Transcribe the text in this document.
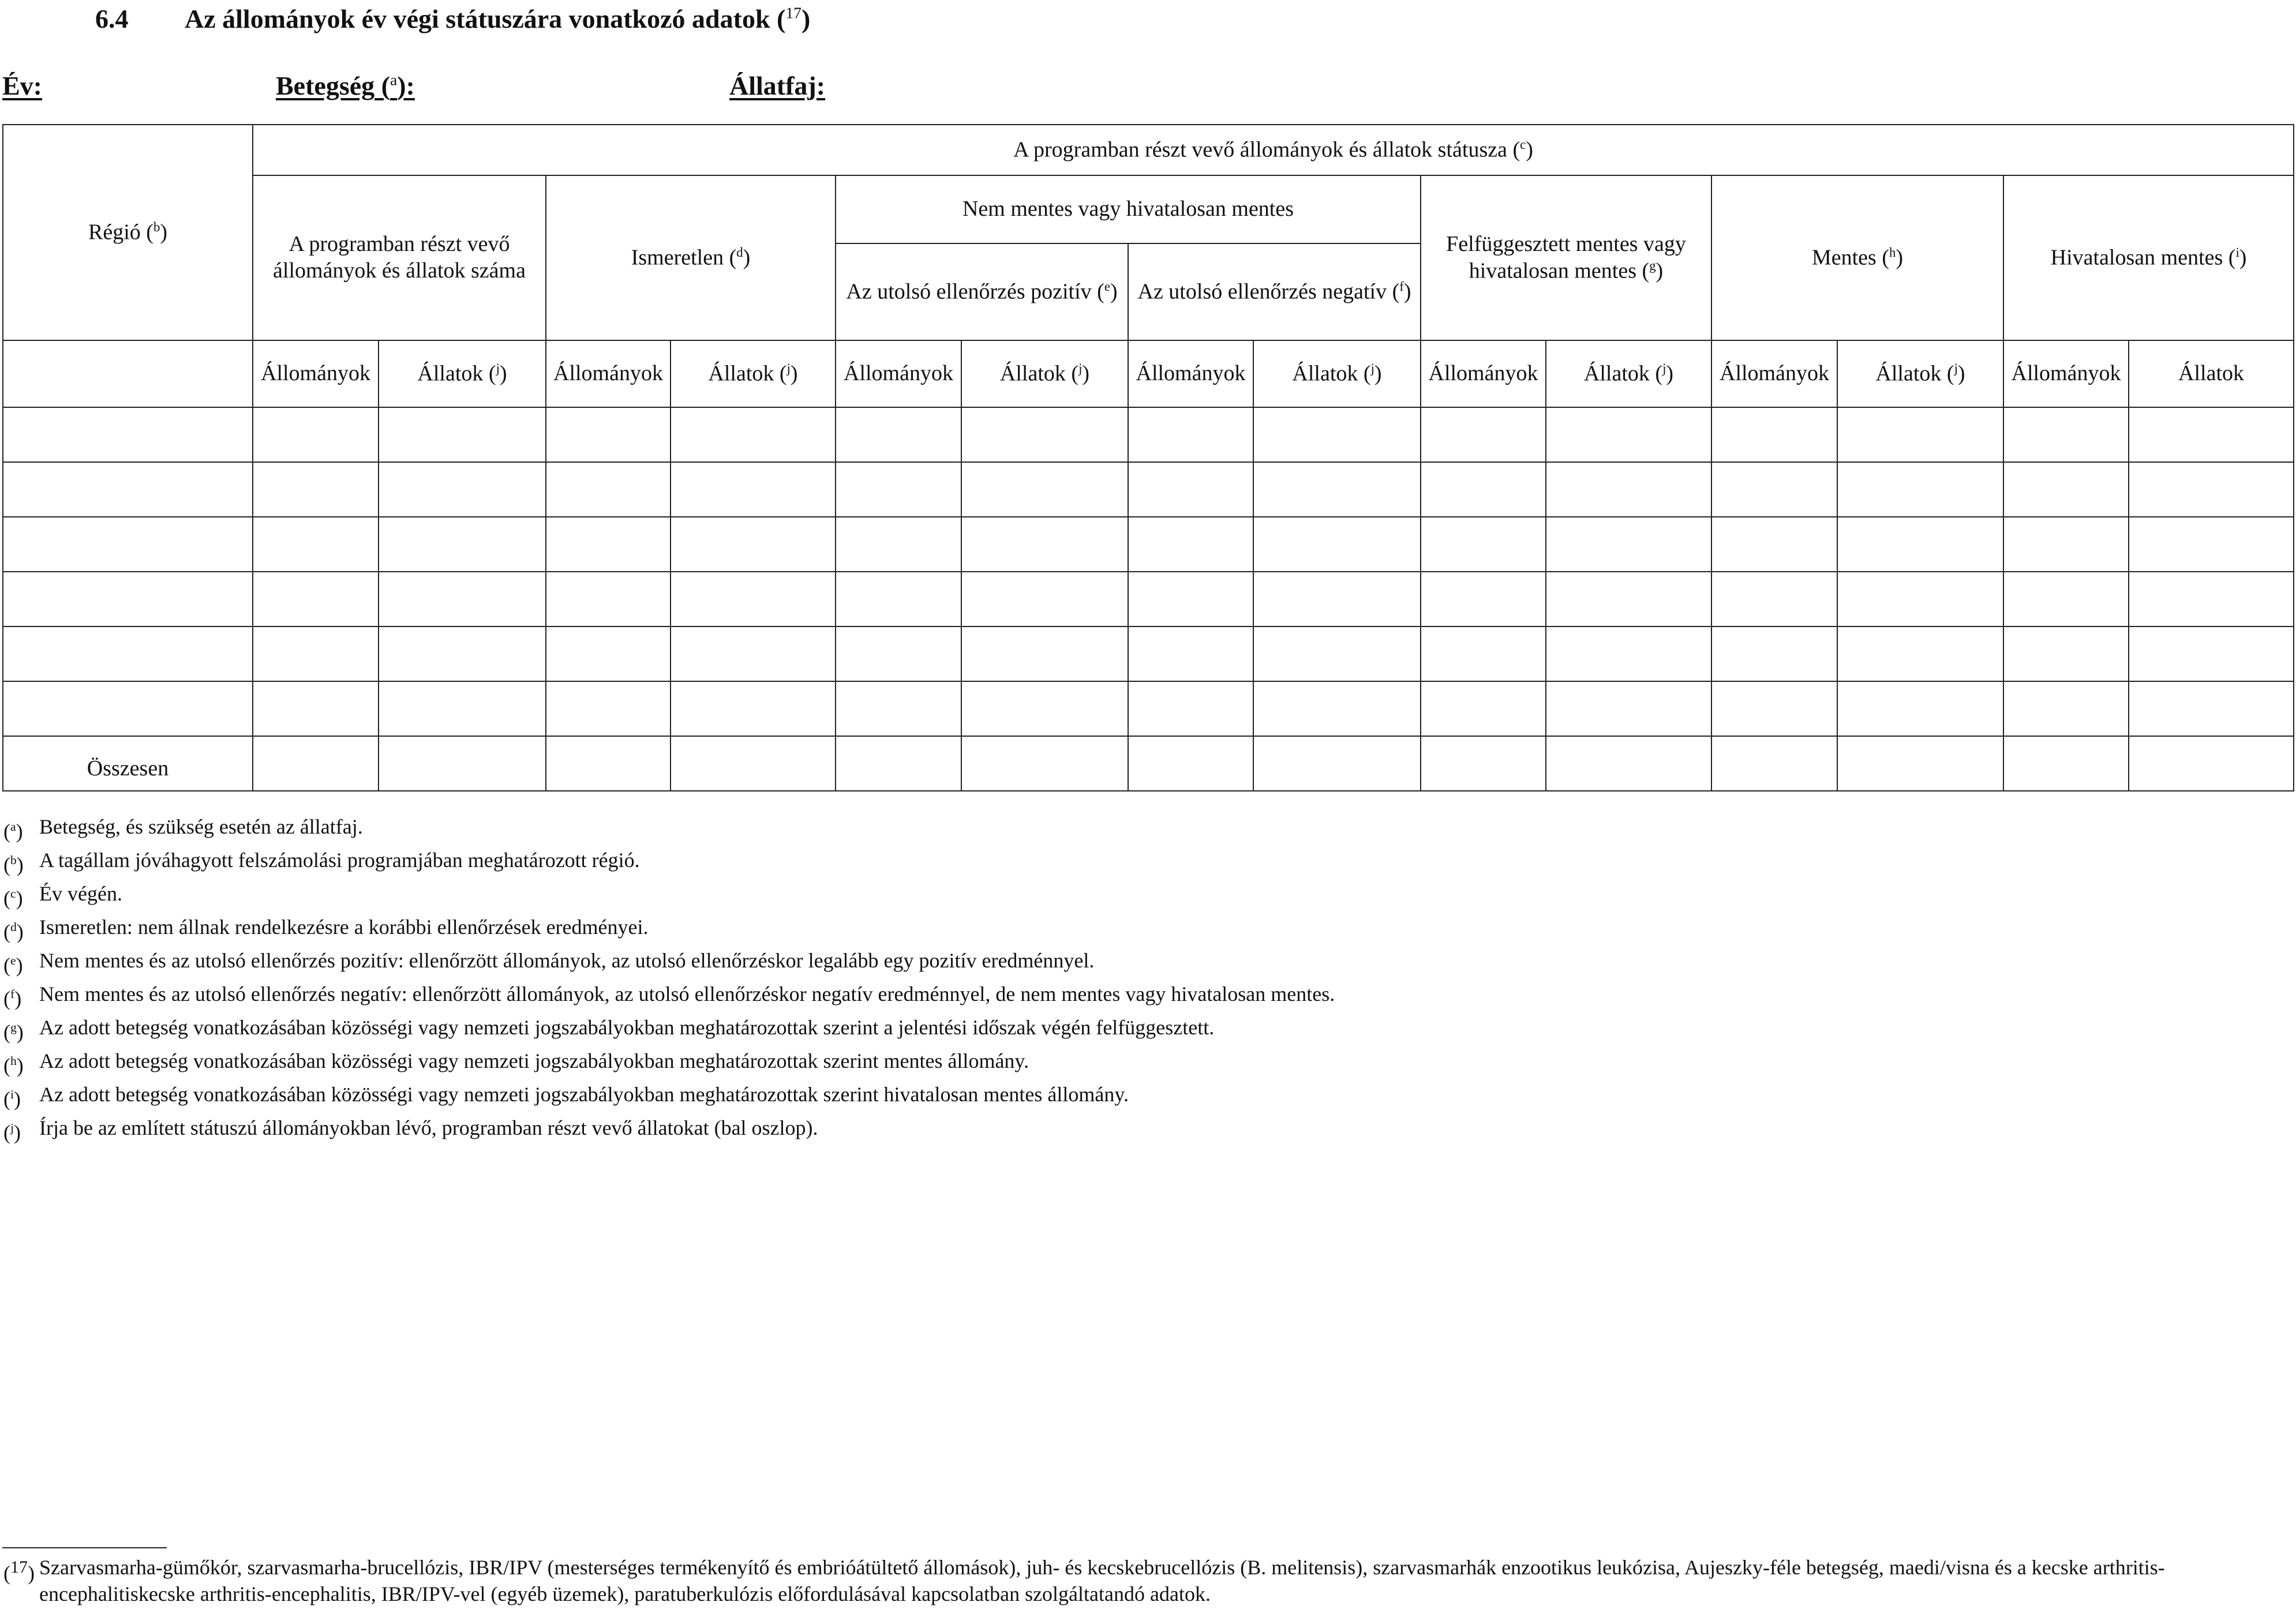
6.4 Az állományok év végi státuszára vonatkozó adatok ($^{17}$)
Év:	Betegség ($^a$):	Állatfaj:
Régió ($^b$)	A programban részt vevő állományok és állatok státusza ($^c$)													
	A programban részt vevő állományok és állatok száma		Ismeretlen ($^d$)		Nem mentes vagy hivatalosan mentes				Felfüggesztett mentes vagy hivatalosan mentes ($^g$)		Mentes ($^h$)		Hivatalosan mentes ($^i$)	
					Az utolsó ellenőrzés pozitív ($^e$)		Az utolsó ellenőrzés negatív ($^f$)							
	Állományok	Állatok ($^j$)	Állományok	Állatok ($^j$)	Állományok	Állatok ($^j$)	Állományok	Állatok ($^j$)	Állományok	Állatok ($^j$)	Állományok	Állatok ($^j$)	Állományok	Állatok

Összesen														
($^a$) Betegség, és szükség esetén az állatfaj.
($^b$) A tagállam jóváhagyott felszámolási programjában meghatározott régió.
($^c$) Év végén.
($^d$) Ismeretlen: nem állnak rendelkezésre a korábbi ellenőrzések eredményei.
($^e$) Nem mentes és az utolsó ellenőrzés pozitív: ellenőrzött állományok, az utolsó ellenőrzéskor legalább egy pozitív eredménnyel.
($^f$) Nem mentes és az utolsó ellenőrzés negatív: ellenőrzött állományok, az utolsó ellenőrzéskor negatív eredménnyel, de nem mentes vagy hivatalosan mentes.
($^g$) Az adott betegség vonatkozásában közösségi vagy nemzeti jogszabályokban meghatározottak szerint a jelentési időszak végén felfüggesztett.
($^h$) Az adott betegség vonatkozásában közösségi vagy nemzeti jogszabályokban meghatározottak szerint mentes állomány.
($^i$) Az adott betegség vonatkozásában közösségi vagy nemzeti jogszabályokban meghatározottak szerint hivatalosan mentes állomány.
($^j$) Írja be az említett státuszú állományokban lévő, programban részt vevő állatokat (bal oszlop).
($^{17}$) Szarvasmarha-gümőkór, szarvasmarha-brucellózis, IBR/IPV (mesterséges termékenyítő és embrióátültető állomások), juh- és kecskebrucellózis (B. melitensis), szarvasmarhák enzootikus leukózisa, Aujeszky-féle betegség, maedi/visna és a kecske arthritis-encephalitiskecske arthritis-encephalitis, IBR/IPV-vel (egyéb üzemek), paratuberkulózis előfordulásával kapcsolatban szolgáltatandó adatok.
